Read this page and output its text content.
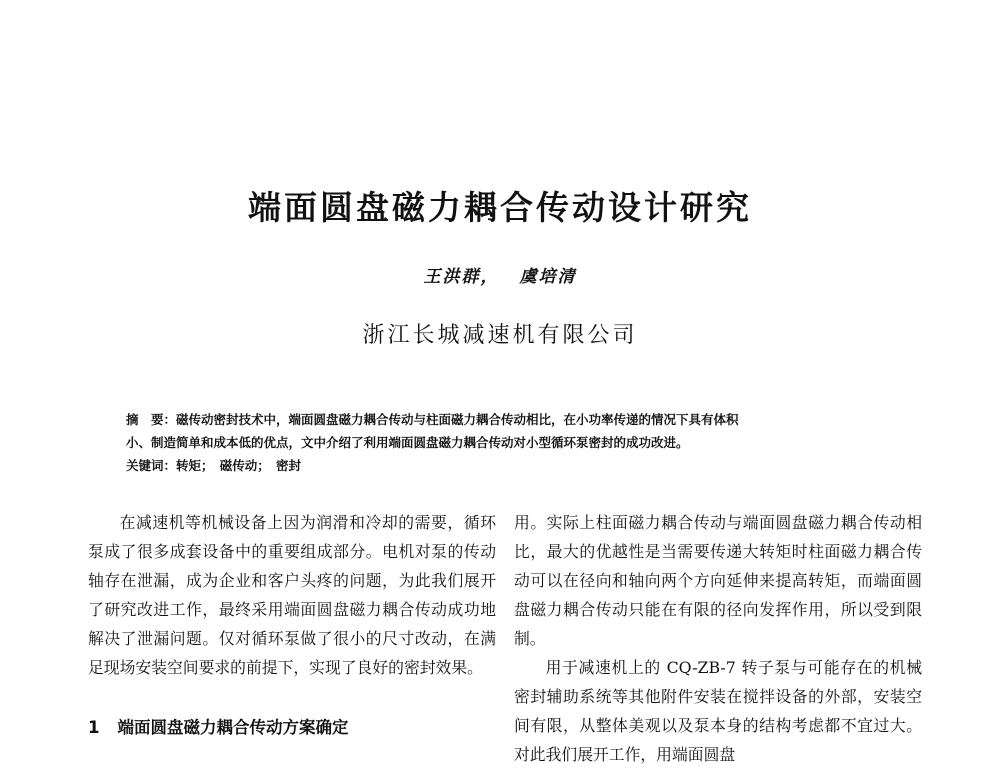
端面圆盘磁力耦合传动设计研究
王洪群， 虞培清
浙江长城减速机有限公司
摘　要：磁传动密封技术中，端面圆盘磁力耦合传动与柱面磁力耦合传动相比，在小功率传递的情况下具有体积
小、制造简单和成本低的优点，文中介绍了利用端面圆盘磁力耦合传动对小型循环泵密封的成功改进。
关键词：转矩；　磁传动；　密封

在减速机等机械设备上因为润滑和冷却的需要，循环泵成了很多成套设备中的重要组成部分。电机对泵的传动轴存在泄漏，成为企业和客户头疼的问题，为此我们展开了研究改进工作，最终采用端面圆盘磁力耦合传动成功地解决了泄漏问题。仅对循环泵做了很小的尺寸改动，在满足现场安装空间要求的前提下，实现了良好的密封效果。

1 端面圆盘磁力耦合传动方案确定

用。实际上柱面磁力耦合传动与端面圆盘磁力耦合传动相比，最大的优越性是当需要传递大转矩时柱面磁力耦合传动可以在径向和轴向两个方向延伸来提高转矩，而端面圆盘磁力耦合传动只能在有限的径向发挥作用，所以受到限制。

用于减速机上的 CQ-ZB-7 转子泵与可能存在的机械密封辅助系统等其他附件安装在搅拌设备的外部，安装空间有限，从整体美观以及泵本身的结构考虑都不宜过大。对此我们展开工作，用端面圆盘
